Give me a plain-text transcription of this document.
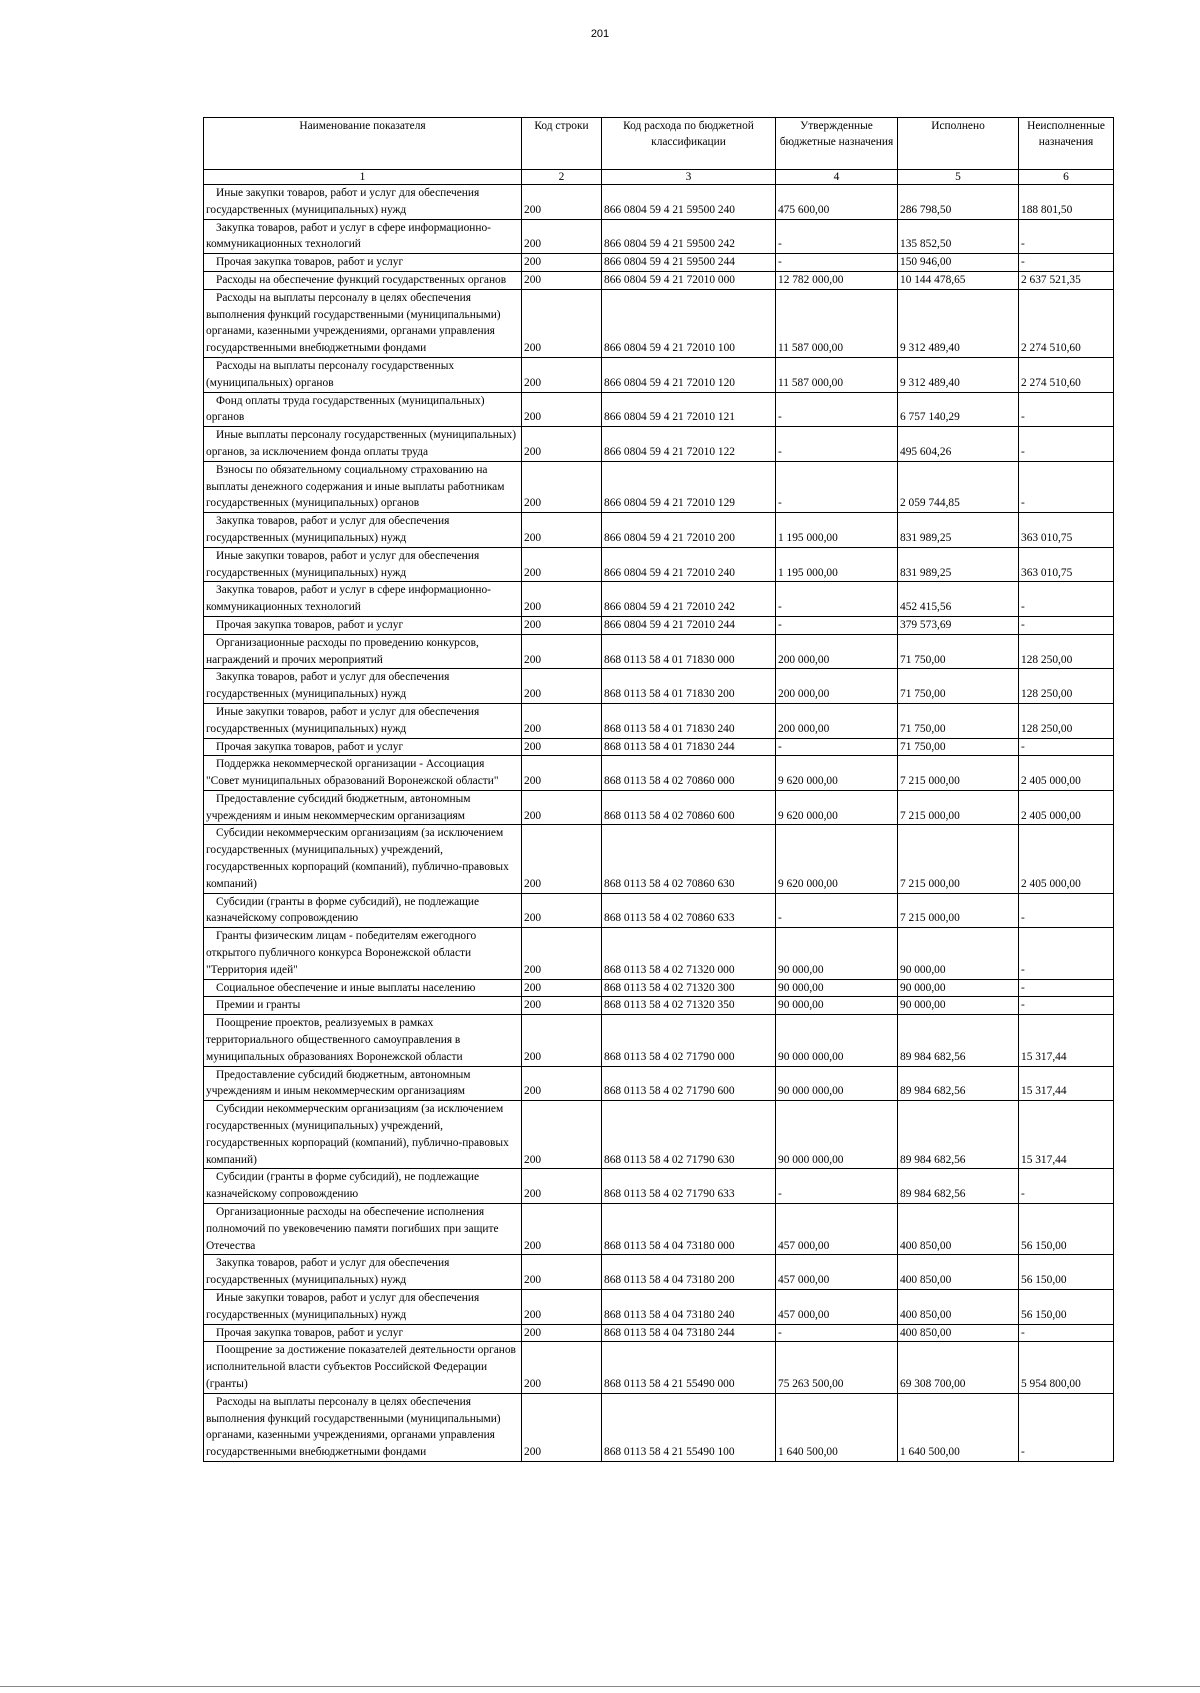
201
Наименование показателя	Код строки	Код расхода по бюджетной классификации	Утвержденные бюджетные назначения	Исполнено	Неисполненные назначения
1	2	3	4	5	6

Иные закупки товаров, работ и услуг для обеспечения государственных (муниципальных) нужд	200	866 0804 59 4 21 59500 240	475 600,00	286 798,50	188 801,50

Закупка товаров, работ и услуг в сфере информационно-коммуникационных технологий	200	866 0804 59 4 21 59500 242	-	135 852,50	-

Прочая закупка товаров, работ и услуг	200	866 0804 59 4 21 59500 244	-	150 946,00	-

Расходы на обеспечение функций государственных органов	200	866 0804 59 4 21 72010 000	12 782 000,00	10 144 478,65	2 637 521,35

Расходы на выплаты персоналу в целях обеспечения выполнения функций государственными (муниципальными) органами, казенными учреждениями, органами управления государственными внебюджетными фондами	200	866 0804 59 4 21 72010 100	11 587 000,00	9 312 489,40	2 274 510,60

Расходы на выплаты персоналу государственных (муниципальных) органов	200	866 0804 59 4 21 72010 120	11 587 000,00	9 312 489,40	2 274 510,60

Фонд оплаты труда государственных (муниципальных) органов	200	866 0804 59 4 21 72010 121	-	6 757 140,29	-

Иные выплаты персоналу государственных (муниципальных) органов, за исключением фонда оплаты труда	200	866 0804 59 4 21 72010 122	-	495 604,26	-

Взносы по обязательному социальному страхованию на выплаты денежного содержания и иные выплаты работникам государственных (муниципальных) органов	200	866 0804 59 4 21 72010 129	-	2 059 744,85	-

Закупка товаров, работ и услуг для обеспечения государственных (муниципальных) нужд	200	866 0804 59 4 21 72010 200	1 195 000,00	831 989,25	363 010,75

Иные закупки товаров, работ и услуг для обеспечения государственных (муниципальных) нужд	200	866 0804 59 4 21 72010 240	1 195 000,00	831 989,25	363 010,75

Закупка товаров, работ и услуг в сфере информационно-коммуникационных технологий	200	866 0804 59 4 21 72010 242	-	452 415,56	-

Прочая закупка товаров, работ и услуг	200	866 0804 59 4 21 72010 244	-	379 573,69	-

Организационные расходы по проведению конкурсов, награждений и прочих мероприятий	200	868 0113 58 4 01 71830 000	200 000,00	71 750,00	128 250,00

Закупка товаров, работ и услуг для обеспечения государственных (муниципальных) нужд	200	868 0113 58 4 01 71830 200	200 000,00	71 750,00	128 250,00

Иные закупки товаров, работ и услуг для обеспечения государственных (муниципальных) нужд	200	868 0113 58 4 01 71830 240	200 000,00	71 750,00	128 250,00

Прочая закупка товаров, работ и услуг	200	868 0113 58 4 01 71830 244	-	71 750,00	-

Поддержка некоммерческой организации - Ассоциация "Совет муниципальных образований Воронежской области"	200	868 0113 58 4 02 70860 000	9 620 000,00	7 215 000,00	2 405 000,00

Предоставление субсидий бюджетным, автономным учреждениям и иным некоммерческим организациям	200	868 0113 58 4 02 70860 600	9 620 000,00	7 215 000,00	2 405 000,00

Субсидии некоммерческим организациям (за исключением государственных (муниципальных) учреждений, государственных корпораций (компаний), публично-правовых компаний)	200	868 0113 58 4 02 70860 630	9 620 000,00	7 215 000,00	2 405 000,00

Субсидии (гранты в форме субсидий), не подлежащие казначейскому сопровождению	200	868 0113 58 4 02 70860 633	-	7 215 000,00	-

Гранты физическим лицам - победителям ежегодного открытого публичного конкурса Воронежской области "Территория идей"	200	868 0113 58 4 02 71320 000	90 000,00	90 000,00	-

Социальное обеспечение и иные выплаты населению	200	868 0113 58 4 02 71320 300	90 000,00	90 000,00	-

Премии и гранты	200	868 0113 58 4 02 71320 350	90 000,00	90 000,00	-

Поощрение проектов, реализуемых в рамках территориального общественного самоуправления в муниципальных образованиях Воронежской области	200	868 0113 58 4 02 71790 000	90 000 000,00	89 984 682,56	15 317,44

Предоставление субсидий бюджетным, автономным учреждениям и иным некоммерческим организациям	200	868 0113 58 4 02 71790 600	90 000 000,00	89 984 682,56	15 317,44

Субсидии некоммерческим организациям (за исключением государственных (муниципальных) учреждений, государственных корпораций (компаний), публично-правовых компаний)	200	868 0113 58 4 02 71790 630	90 000 000,00	89 984 682,56	15 317,44

Субсидии (гранты в форме субсидий), не подлежащие казначейскому сопровождению	200	868 0113 58 4 02 71790 633	-	89 984 682,56	-

Организационные расходы на обеспечение исполнения полномочий по увековечению памяти погибших при защите Отечества	200	868 0113 58 4 04 73180 000	457 000,00	400 850,00	56 150,00

Закупка товаров, работ и услуг для обеспечения государственных (муниципальных) нужд	200	868 0113 58 4 04 73180 200	457 000,00	400 850,00	56 150,00

Иные закупки товаров, работ и услуг для обеспечения государственных (муниципальных) нужд	200	868 0113 58 4 04 73180 240	457 000,00	400 850,00	56 150,00

Прочая закупка товаров, работ и услуг	200	868 0113 58 4 04 73180 244	-	400 850,00	-

Поощрение за достижение показателей деятельности органов исполнительной власти субъектов Российской Федерации (гранты)	200	868 0113 58 4 21 55490 000	75 263 500,00	69 308 700,00	5 954 800,00

Расходы на выплаты персоналу в целях обеспечения выполнения функций государственными (муниципальными) органами, казенными учреждениями, органами управления государственными внебюджетными фондами	200	868 0113 58 4 21 55490 100	1 640 500,00	1 640 500,00	-
